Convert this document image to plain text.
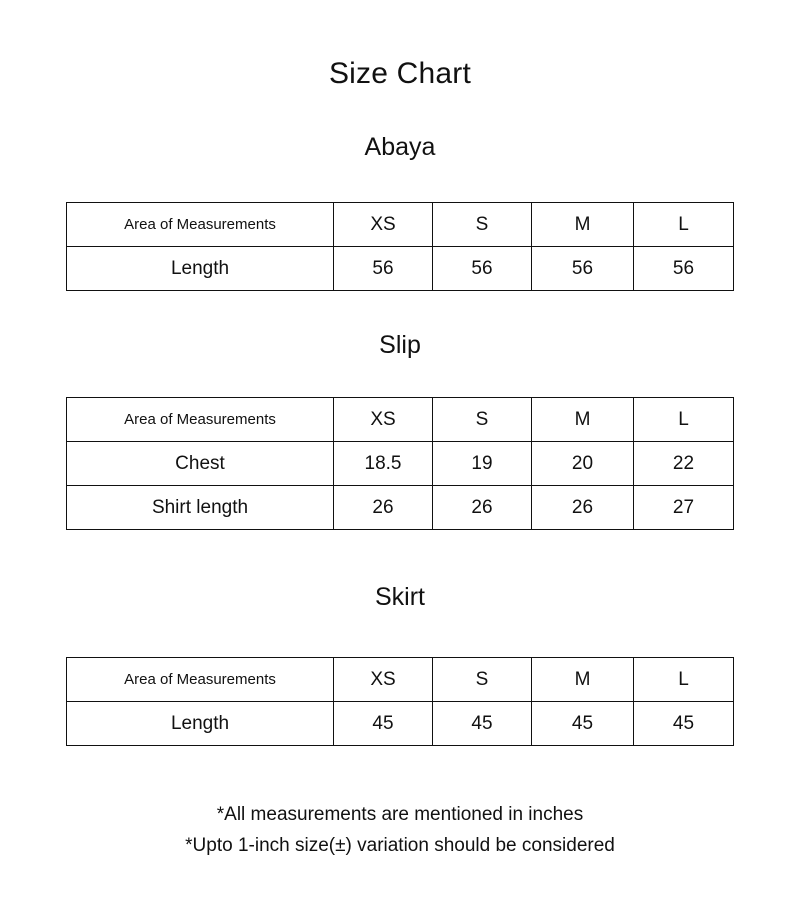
Size Chart
Abaya
Area of Measurements	XS	S	M	L
Length	56	56	56	56
Slip
Area of Measurements	XS	S	M	L
Chest	18.5	19	20	22
Shirt length	26	26	26	27
Skirt
Area of Measurements	XS	S	M	L
Length	45	45	45	45
*All measurements are mentioned in inches
*Upto 1-inch size(±) variation should be considered
